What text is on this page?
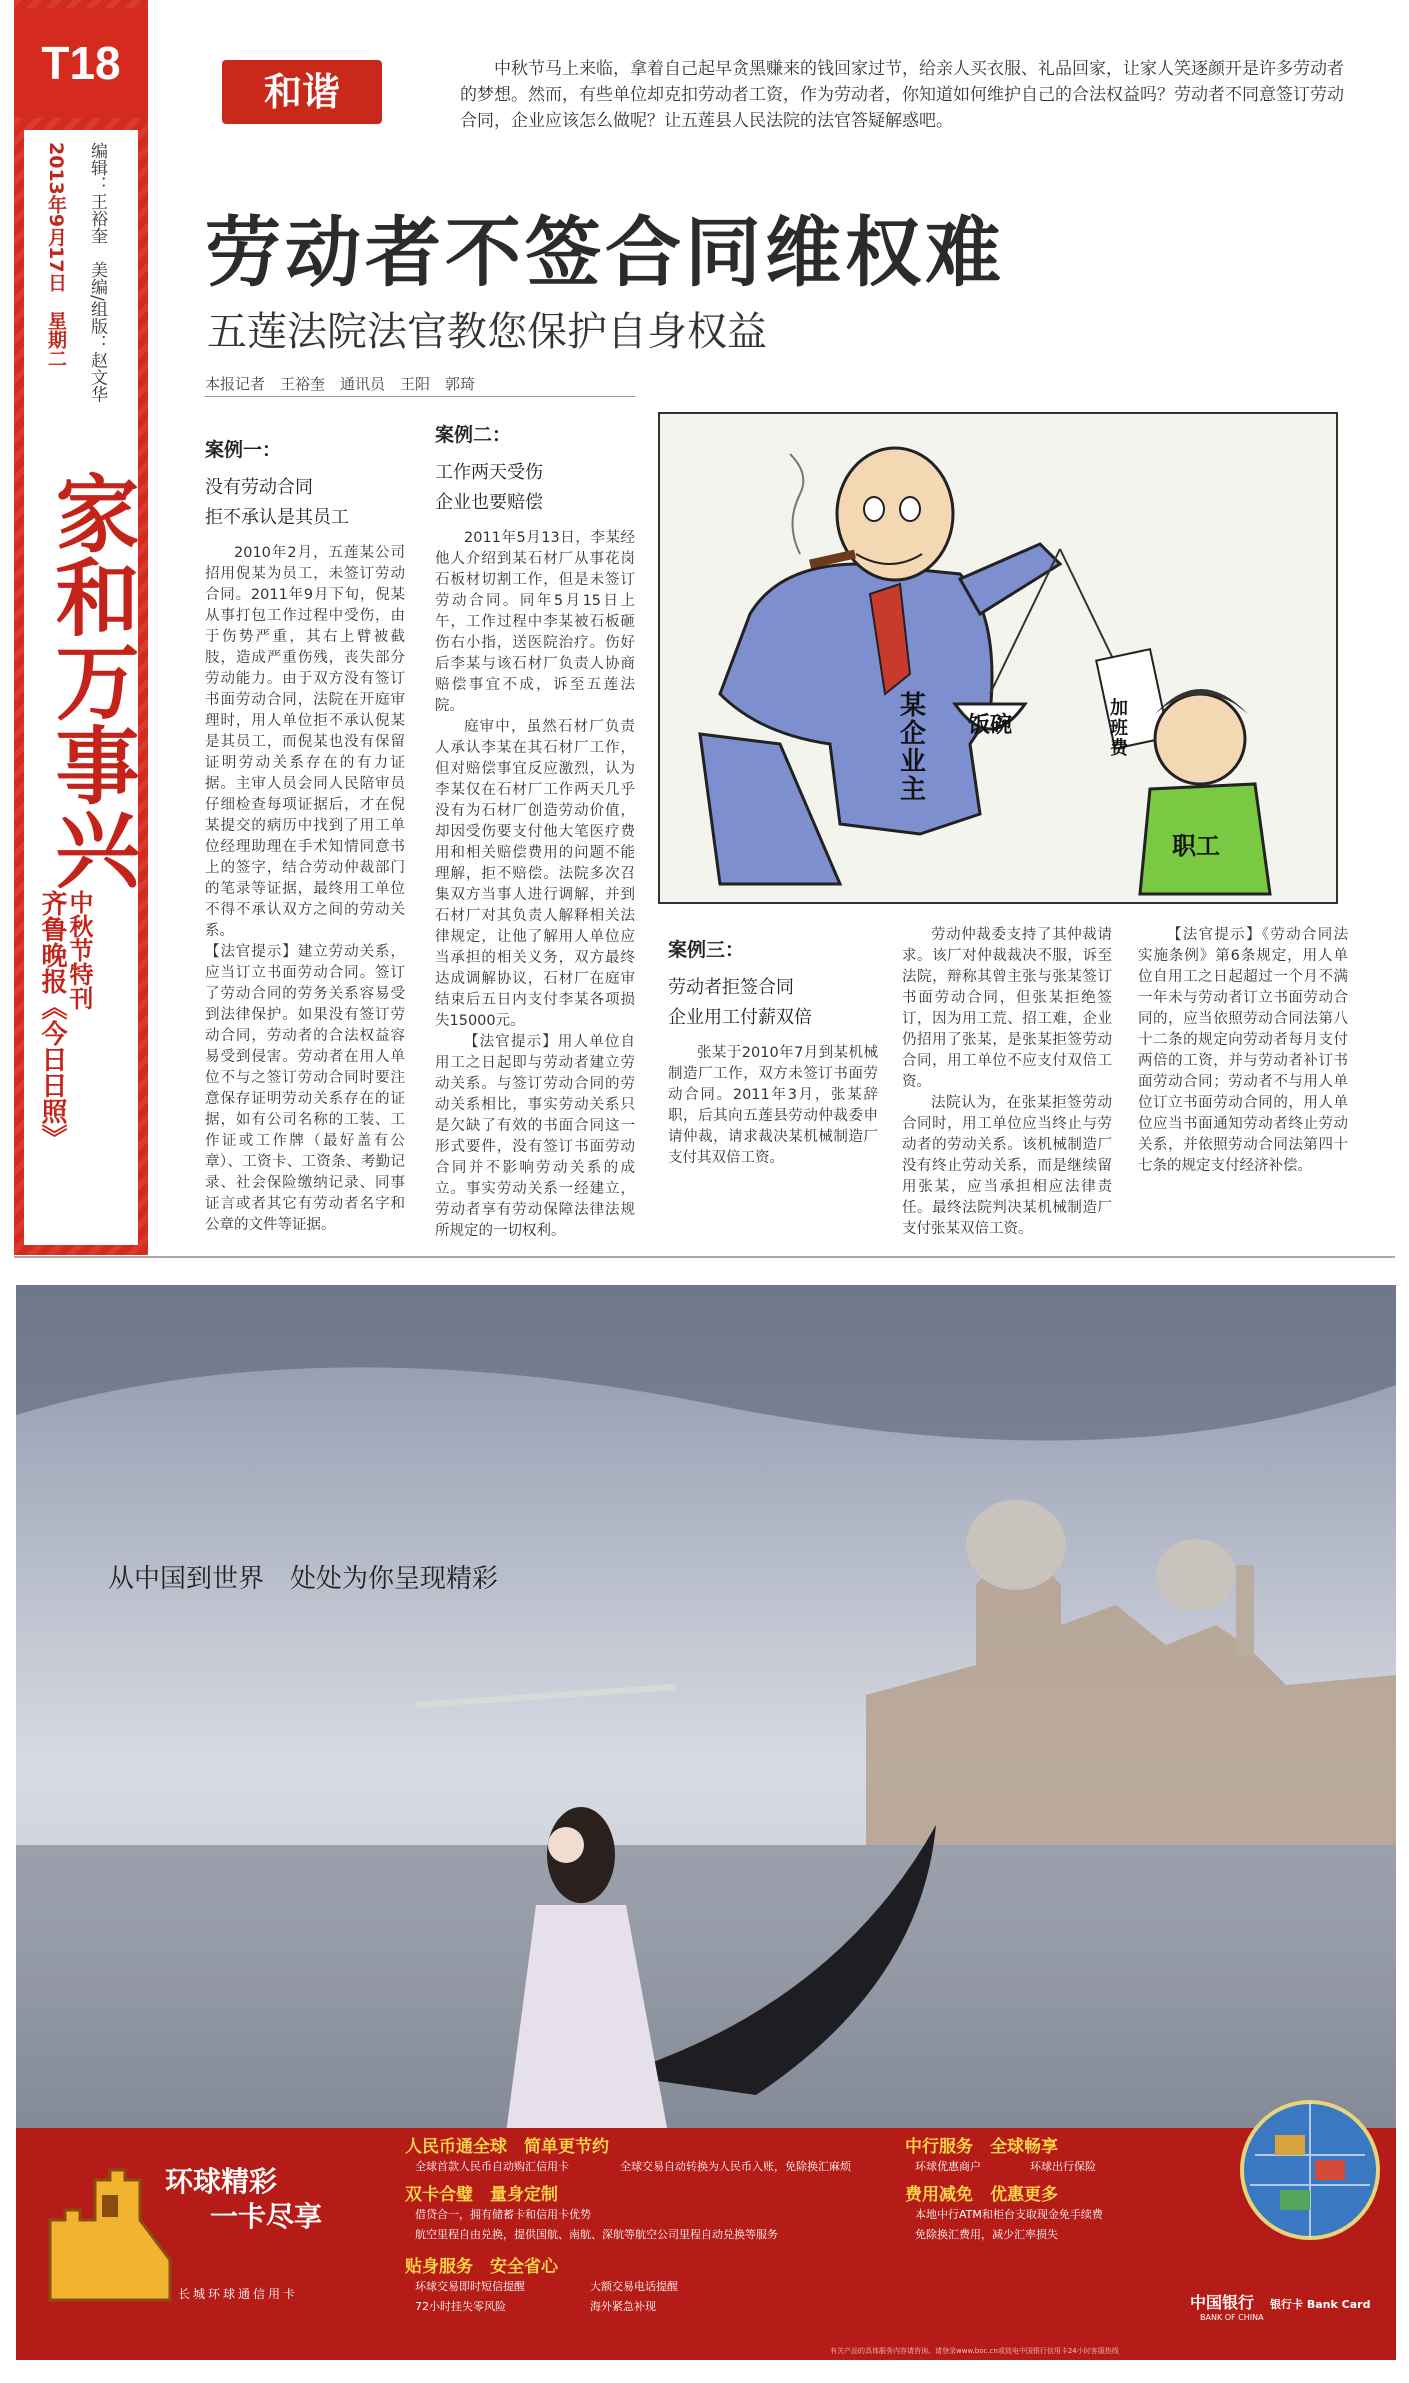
T18
编辑：王裕奎　美编/组版：赵文华
2013年9月17日　星期二
家和万事兴
齐鲁晚报《今日日照》
中秋节特刊
和谐
中秋节马上来临，拿着自己起早贪黑赚来的钱回家过节，给亲人买衣服、礼品回家，让家人笑逐颜开是许多劳动者的梦想。然而，有些单位却克扣劳动者工资，作为劳动者，你知道如何维护自己的合法权益吗？劳动者不同意签订劳动合同，企业应该怎么做呢？让五莲县人民法院的法官答疑解惑吧。
劳动者不签合同维权难
五莲法院法官教您保护自身权益
本报记者　王裕奎　通讯员　王阳　郭琦
案例一：
没有劳动合同
拒不承认是其员工

2010年2月，五莲某公司招用倪某为员工，未签订劳动合同。2011年9月下旬，倪某从事打包工作过程中受伤，由于伤势严重，其右上臂被截肢，造成严重伤残，丧失部分劳动能力。由于双方没有签订书面劳动合同，法院在开庭审理时，用人单位拒不承认倪某是其员工，而倪某也没有保留证明劳动关系存在的有力证据。主审人员会同人民陪审员仔细检查每项证据后，才在倪某提交的病历中找到了用工单位经理助理在手术知情同意书上的签字，结合劳动仲裁部门的笔录等证据，最终用工单位不得不承认双方之间的劳动关系。

【法官提示】建立劳动关系，应当订立书面劳动合同。签订了劳动合同的劳务关系容易受到法律保护。如果没有签订劳动合同，劳动者的合法权益容易受到侵害。劳动者在用人单位不与之签订劳动合同时要注意保存证明劳动关系存在的证据，如有公司名称的工装、工作证或工作牌（最好盖有公章）、工资卡、工资条、考勤记录、社会保险缴纳记录、同事证言或者其它有劳动者名字和公章的文件等证据。

案例二：
工作两天受伤
企业也要赔偿

2011年5月13日，李某经他人介绍到某石材厂从事花岗石板材切割工作，但是未签订劳动合同。同年5月15日上午，工作过程中李某被石板砸伤右小指，送医院治疗。伤好后李某与该石材厂负责人协商赔偿事宜不成，诉至五莲法院。

庭审中，虽然石材厂负责人承认李某在其石材厂工作，但对赔偿事宜反应激烈，认为李某仅在石材厂工作两天几乎没有为石材厂创造劳动价值，却因受伤要支付他大笔医疗费用和相关赔偿费用的问题不能理解，拒不赔偿。法院多次召集双方当事人进行调解，并到石材厂对其负责人解释相关法律规定，让他了解用人单位应当承担的相关义务，双方最终达成调解协议，石材厂在庭审结束后五日内支付李某各项损失15000元。

【法官提示】用人单位自用工之日起即与劳动者建立劳动关系。与签订劳动合同的劳动关系相比，事实劳动关系只是欠缺了有效的书面合同这一形式要件，没有签订书面劳动合同并不影响劳动关系的成立。事实劳动关系一经建立，劳动者享有劳动保障法律法规所规定的一切权利。

案例三：
劳动者拒签合同
企业用工付薪双倍

张某于2010年7月到某机械制造厂工作，双方未签订书面劳动合同。2011年3月，张某辞职，后其向五莲县劳动仲裁委申请仲裁，请求裁决某机械制造厂支付其双倍工资。

劳动仲裁委支持了其仲裁请求。该厂对仲裁裁决不服，诉至法院，辩称其曾主张与张某签订书面劳动合同，但张某拒绝签订，因为用工荒、招工难，企业仍招用了张某，是张某拒签劳动合同，用工单位不应支付双倍工资。

法院认为，在张某拒签劳动合同时，用工单位应当终止与劳动者的劳动关系。该机械制造厂没有终止劳动关系，而是继续留用张某，应当承担相应法律责任。最终法院判决某机械制造厂支付张某双倍工资。

【法官提示】《劳动合同法实施条例》第6条规定，用人单位自用工之日起超过一个月不满一年未与劳动者订立书面劳动合同的，应当依照劳动合同法第八十二条的规定向劳动者每月支付两倍的工资，并与劳动者补订书面劳动合同；劳动者不与用人单位订立书面劳动合同的，用人单位应当书面通知劳动者终止劳动关系，并依照劳动合同法第四十七条的规定支付经济补偿。

某企业主
饭碗
加班费
职工
从中国到世界　处处为你呈现精彩
环球精彩
一卡尽享
长城环球通信用卡
人民币通全球　简单更节约
全球首款人民币自动购汇信用卡	全球交易自动转换为人民币入账，免除换汇麻烦
双卡合璧　量身定制
借贷合一，拥有储蓄卡和信用卡优势
航空里程自由兑换，提供国航、南航、深航等航空公司里程自动兑换等服务
贴身服务　安全省心
环球交易即时短信提醒
72小时挂失零风险
大额交易电话提醒
海外紧急补现
中行服务　全球畅享
环球优惠商户	环球出行保险
费用减免　优惠更多
本地中行ATM和柜台支取现金免手续费
免除换汇费用，减少汇率损失
中国银行　 银行卡 Bank Card
BANK OF CHINA
有关产品的具体服务内容请咨询。请登录www.boc.cn或致电中国银行信用卡24小时客服热线
